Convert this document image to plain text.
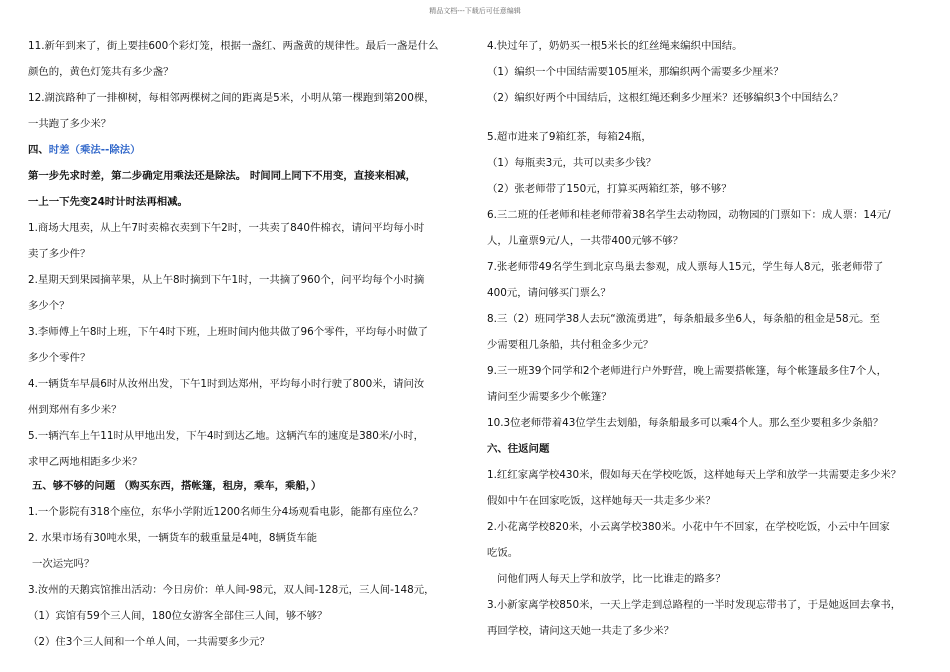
精品文档---下载后可任意编辑
11.新年到来了，街上要挂600个彩灯笼，根据一盏红、两盏黄的规律性。最后一盏是什么
颜色的，黄色灯笼共有多少盏？
12.湖滨路种了一排柳树，每相邻两棵树之间的距离是5米，小明从第一棵跑到第200棵，
一共跑了多少米？
四、时差（乘法--除法）
第一步先求时差，第二步确定用乘法还是除法。 时间同上同下不用变，直接来相减，
一上一下先变24时计时法再相减。
1.商场大甩卖，从上午7时卖棉衣卖到下午2时，一共卖了840件棉衣，请问平均每小时
卖了多少件？
2.星期天到果园摘苹果，从上午8时摘到下午1时，一共摘了960个，问平均每个小时摘
多少个？
3.李师傅上午8时上班，下午4时下班，上班时间内他共做了96个零件，平均每小时做了
多少个零件？
4.一辆货车早晨6时从汝州出发，下午1时到达郑州，平均每小时行驶了800米，请问汝
州到郑州有多少米？
5.一辆汽车上午11时从甲地出发，下午4时到达乙地。这辆汽车的速度是380米/小时，
求甲乙两地相距多少米？
五、够不够的问题 （购买东西，搭帐篷，租房，乘车，乘船，）
1.一个影院有318个座位，东华小学附近1200名师生分4场观看电影，能都有座位么？
2. 水果市场有30吨水果，一辆货车的载重量是4吨，8辆货车能
一次运完吗？
3.汝州的天鹅宾馆推出活动：今日房价：单人间-98元，双人间-128元，三人间-148元，
（1）宾馆有59个三人间，180位女游客全部住三人间，够不够？
（2）住3个三人间和一个单人间，一共需要多少元？
4.快过年了，奶奶买一根5米长的红丝绳来编织中国结。
（1）编织一个中国结需要105厘米，那编织两个需要多少厘米？
（2）编织好两个中国结后，这根红绳还剩多少厘米？还够编织3个中国结么？
5.超市进来了9箱红茶，每箱24瓶，
（1）每瓶卖3元，共可以卖多少钱？
（2）张老师带了150元，打算买两箱红茶，够不够？
6.三二班的任老师和桂老师带着38名学生去动物园，动物园的门票如下：成人票：14元/
人，儿童票9元/人，一共带400元够不够？
7.张老师带49名学生到北京鸟巢去参观，成人票每人15元，学生每人8元，张老师带了
400元，请问够买门票么？
8.三（2）班同学38人去玩“激流勇进”，每条船最多坐6人，每条船的租金是58元。至
少需要租几条船，共付租金多少元？
9.三一班39个同学和2个老师进行户外野营，晚上需要搭帐篷，每个帐篷最多住7个人，
请问至少需要多少个帐篷？
10.3位老师带着43位学生去划船，每条船最多可以乘4个人。那么至少要租多少条船？
六、往返问题
1.红红家离学校430米，假如每天在学校吃饭，这样她每天上学和放学一共需要走多少米？
假如中午在回家吃饭，这样她每天一共走多少米？
2.小花离学校820米，小云离学校380米。小花中午不回家，在学校吃饭，小云中午回家
吃饭。
问他们两人每天上学和放学，比一比谁走的路多？
3.小新家离学校850米，一天上学走到总路程的一半时发现忘带书了，于是她返回去拿书，
再回学校，请问这天她一共走了多少米？
